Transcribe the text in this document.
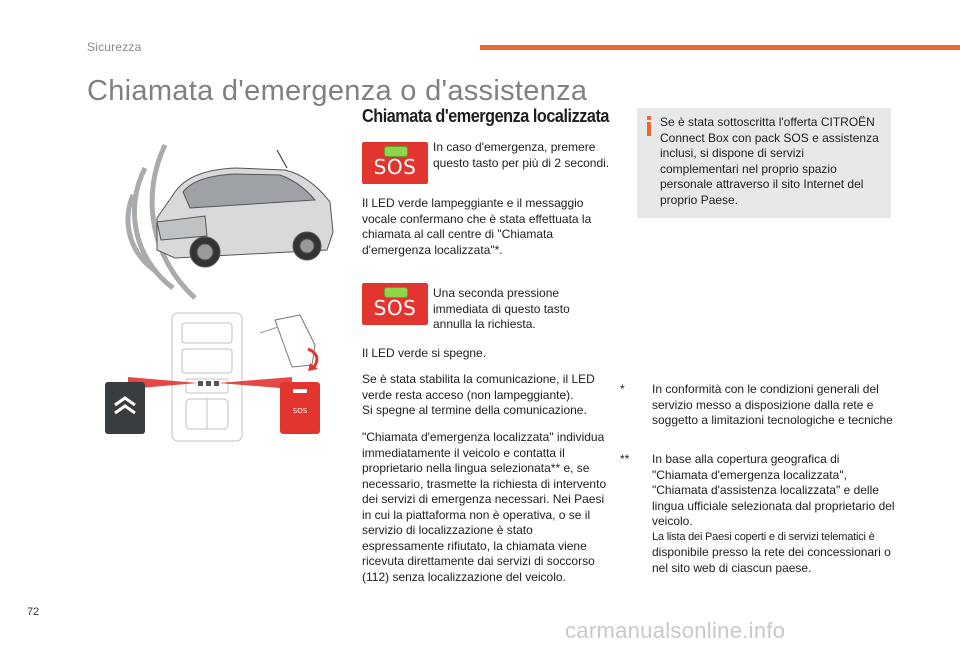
Sicurezza
Chiamata d'emergenza o d'assistenza
SOS
Chiamata d'emergenza localizzata
SOS

In caso d'emergenza, premere questo tasto per più di 2 secondi.

Il LED verde lampeggiante e il messaggio vocale confermano che è stata effettuata la chiamata al call centre di "Chiamata d'emergenza localizzata"*.

SOS

Una seconda pressione immediata di questo tasto annulla la richiesta.

Il LED verde si spegne.

Se è stata stabilita la comunicazione, il LED verde resta acceso (non lampeggiante).
Si spegne al termine della comunicazione.

"Chiamata d'emergenza localizzata" individua immediatamente il veicolo e contatta il proprietario nella lingua selezionata** e, se necessario, trasmette la richiesta di intervento dei servizi di emergenza necessari. Nei Paesi in cui la piattaforma non è operativa, o se il servizio di localizzazione è stato espressamente rifiutato, la chiamata viene ricevuta direttamente dai servizi di soccorso (112) senza localizzazione del veicolo.

Se è stata sottoscritta l'offerta CITROËN Connect Box con pack SOS e assistenza inclusi, si dispone di servizi complementari nel proprio spazio personale attraverso il sito Internet del proprio Paese.

* In conformità con le condizioni generali del servizio messo a disposizione dalla rete e soggetto a limitazioni tecnologiche e tecniche
** In base alla copertura geografica di "Chiamata d'emergenza localizzata", "Chiamata d'assistenza localizzata" e delle lingua ufficiale selezionata dal proprietario del veicolo.
La lista dei Paesi coperti e di servizi telematici è
disponibile presso la rete dei concessionari o nel sito web di ciascun paese.
72
carmanualsonline.info
